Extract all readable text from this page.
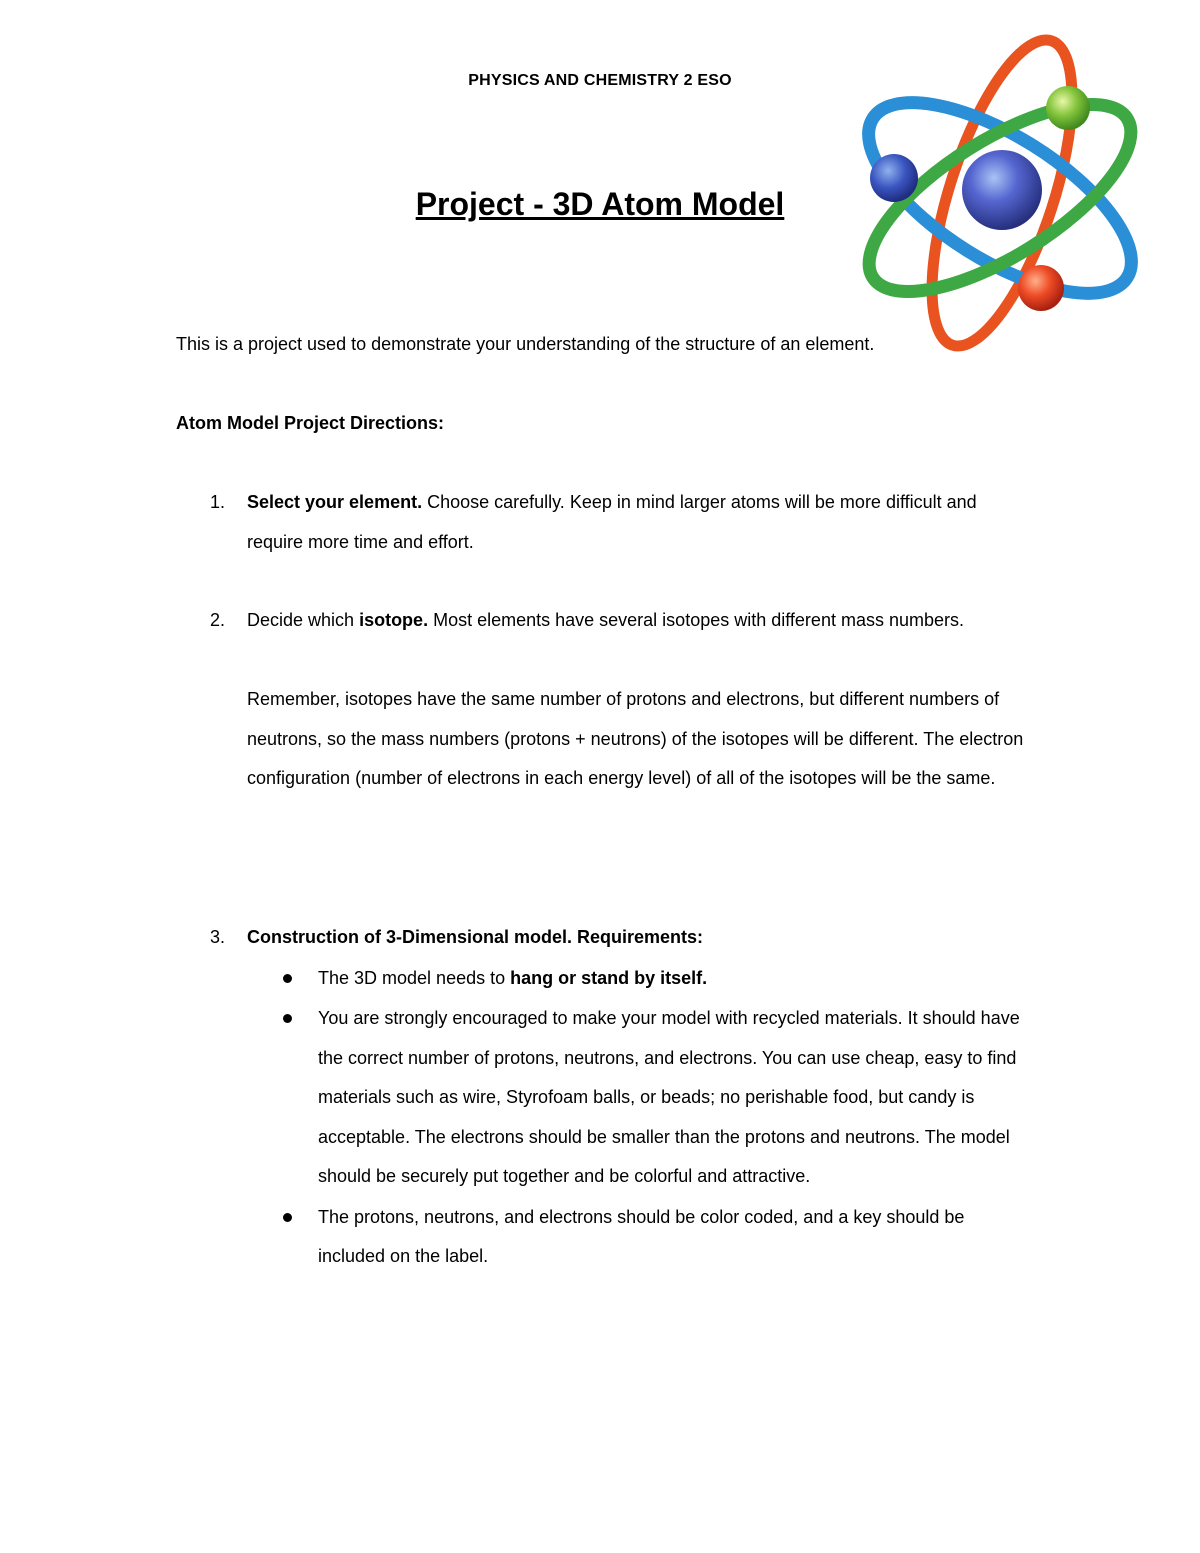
PHYSICS AND CHEMISTRY 2 ESO
Project - 3D Atom Model
This is a project used to demonstrate your understanding of the structure of an element.
Atom Model Project Directions:
1. Select your element. Choose carefully. Keep in mind larger atoms will be more difficult and require more time and effort.

2. Decide which isotope. Most elements have several isotopes with different mass numbers.

Remember, isotopes have the same number of protons and electrons, but different numbers of neutrons, so the mass numbers (protons + neutrons) of the isotopes will be different. The electron configuration (number of electrons in each energy level) of all of the isotopes will be the same.

3. Construction of 3-Dimensional model. Requirements:

The 3D model needs to hang or stand by itself.
You are strongly encouraged to make your model with recycled materials. It should have the correct number of protons, neutrons, and electrons. You can use cheap, easy to find materials such as wire, Styrofoam balls, or beads; no perishable food, but candy is acceptable. The electrons should be smaller than the protons and neutrons. The model should be securely put together and be colorful and attractive.
The protons, neutrons, and electrons should be color coded, and a key should be included on the label.
